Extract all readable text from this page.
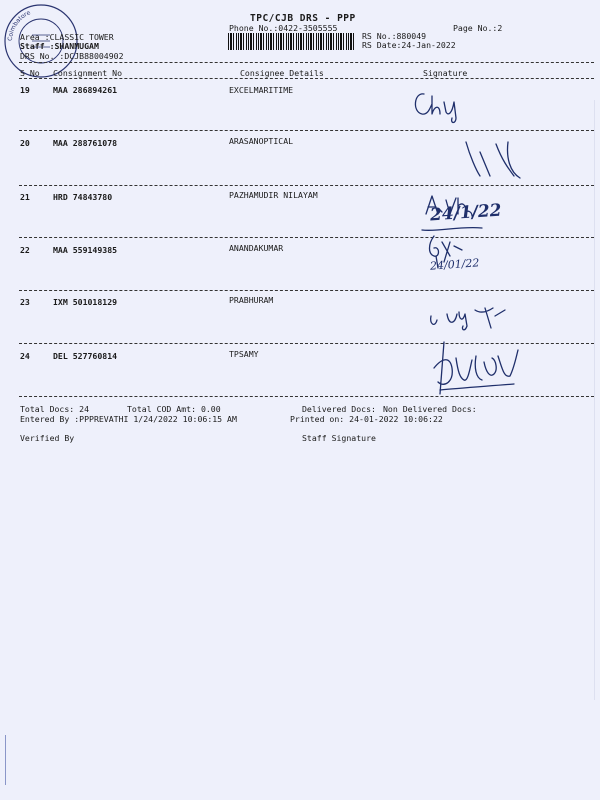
TPC/CJB DRS - PPP
Phone No.:0422-3505555	Page No.:2
Area :CLASSIC TOWER
Staff :SHANMUGAM
DRS No. :DCJB88004902
RS No.:880049
RS Date:24-Jan-2022
S No Consignment No	Consignee Details	Signature
19	MAA 286894261	EXCELMARITIME
20	MAA 288761078	ARASANOPTICAL
21	HRD 74843780	PAZHAMUDIR NILAYAM
22	MAA 559149385	ANANDAKUMAR
23	IXM 501018129	PRABHURAM
24	DEL 527760814	TPSAMY
Coimbatore
24/1/22
24/01/22
Total Docs: 24	Total COD Amt: 0.00	Delivered Docs: Non Delivered Docs:
Entered By :PPPREVATHI 1/24/2022 10:06:15 AM	Printed on: 24-01-2022 10:06:22
Verified By	Staff Signature
